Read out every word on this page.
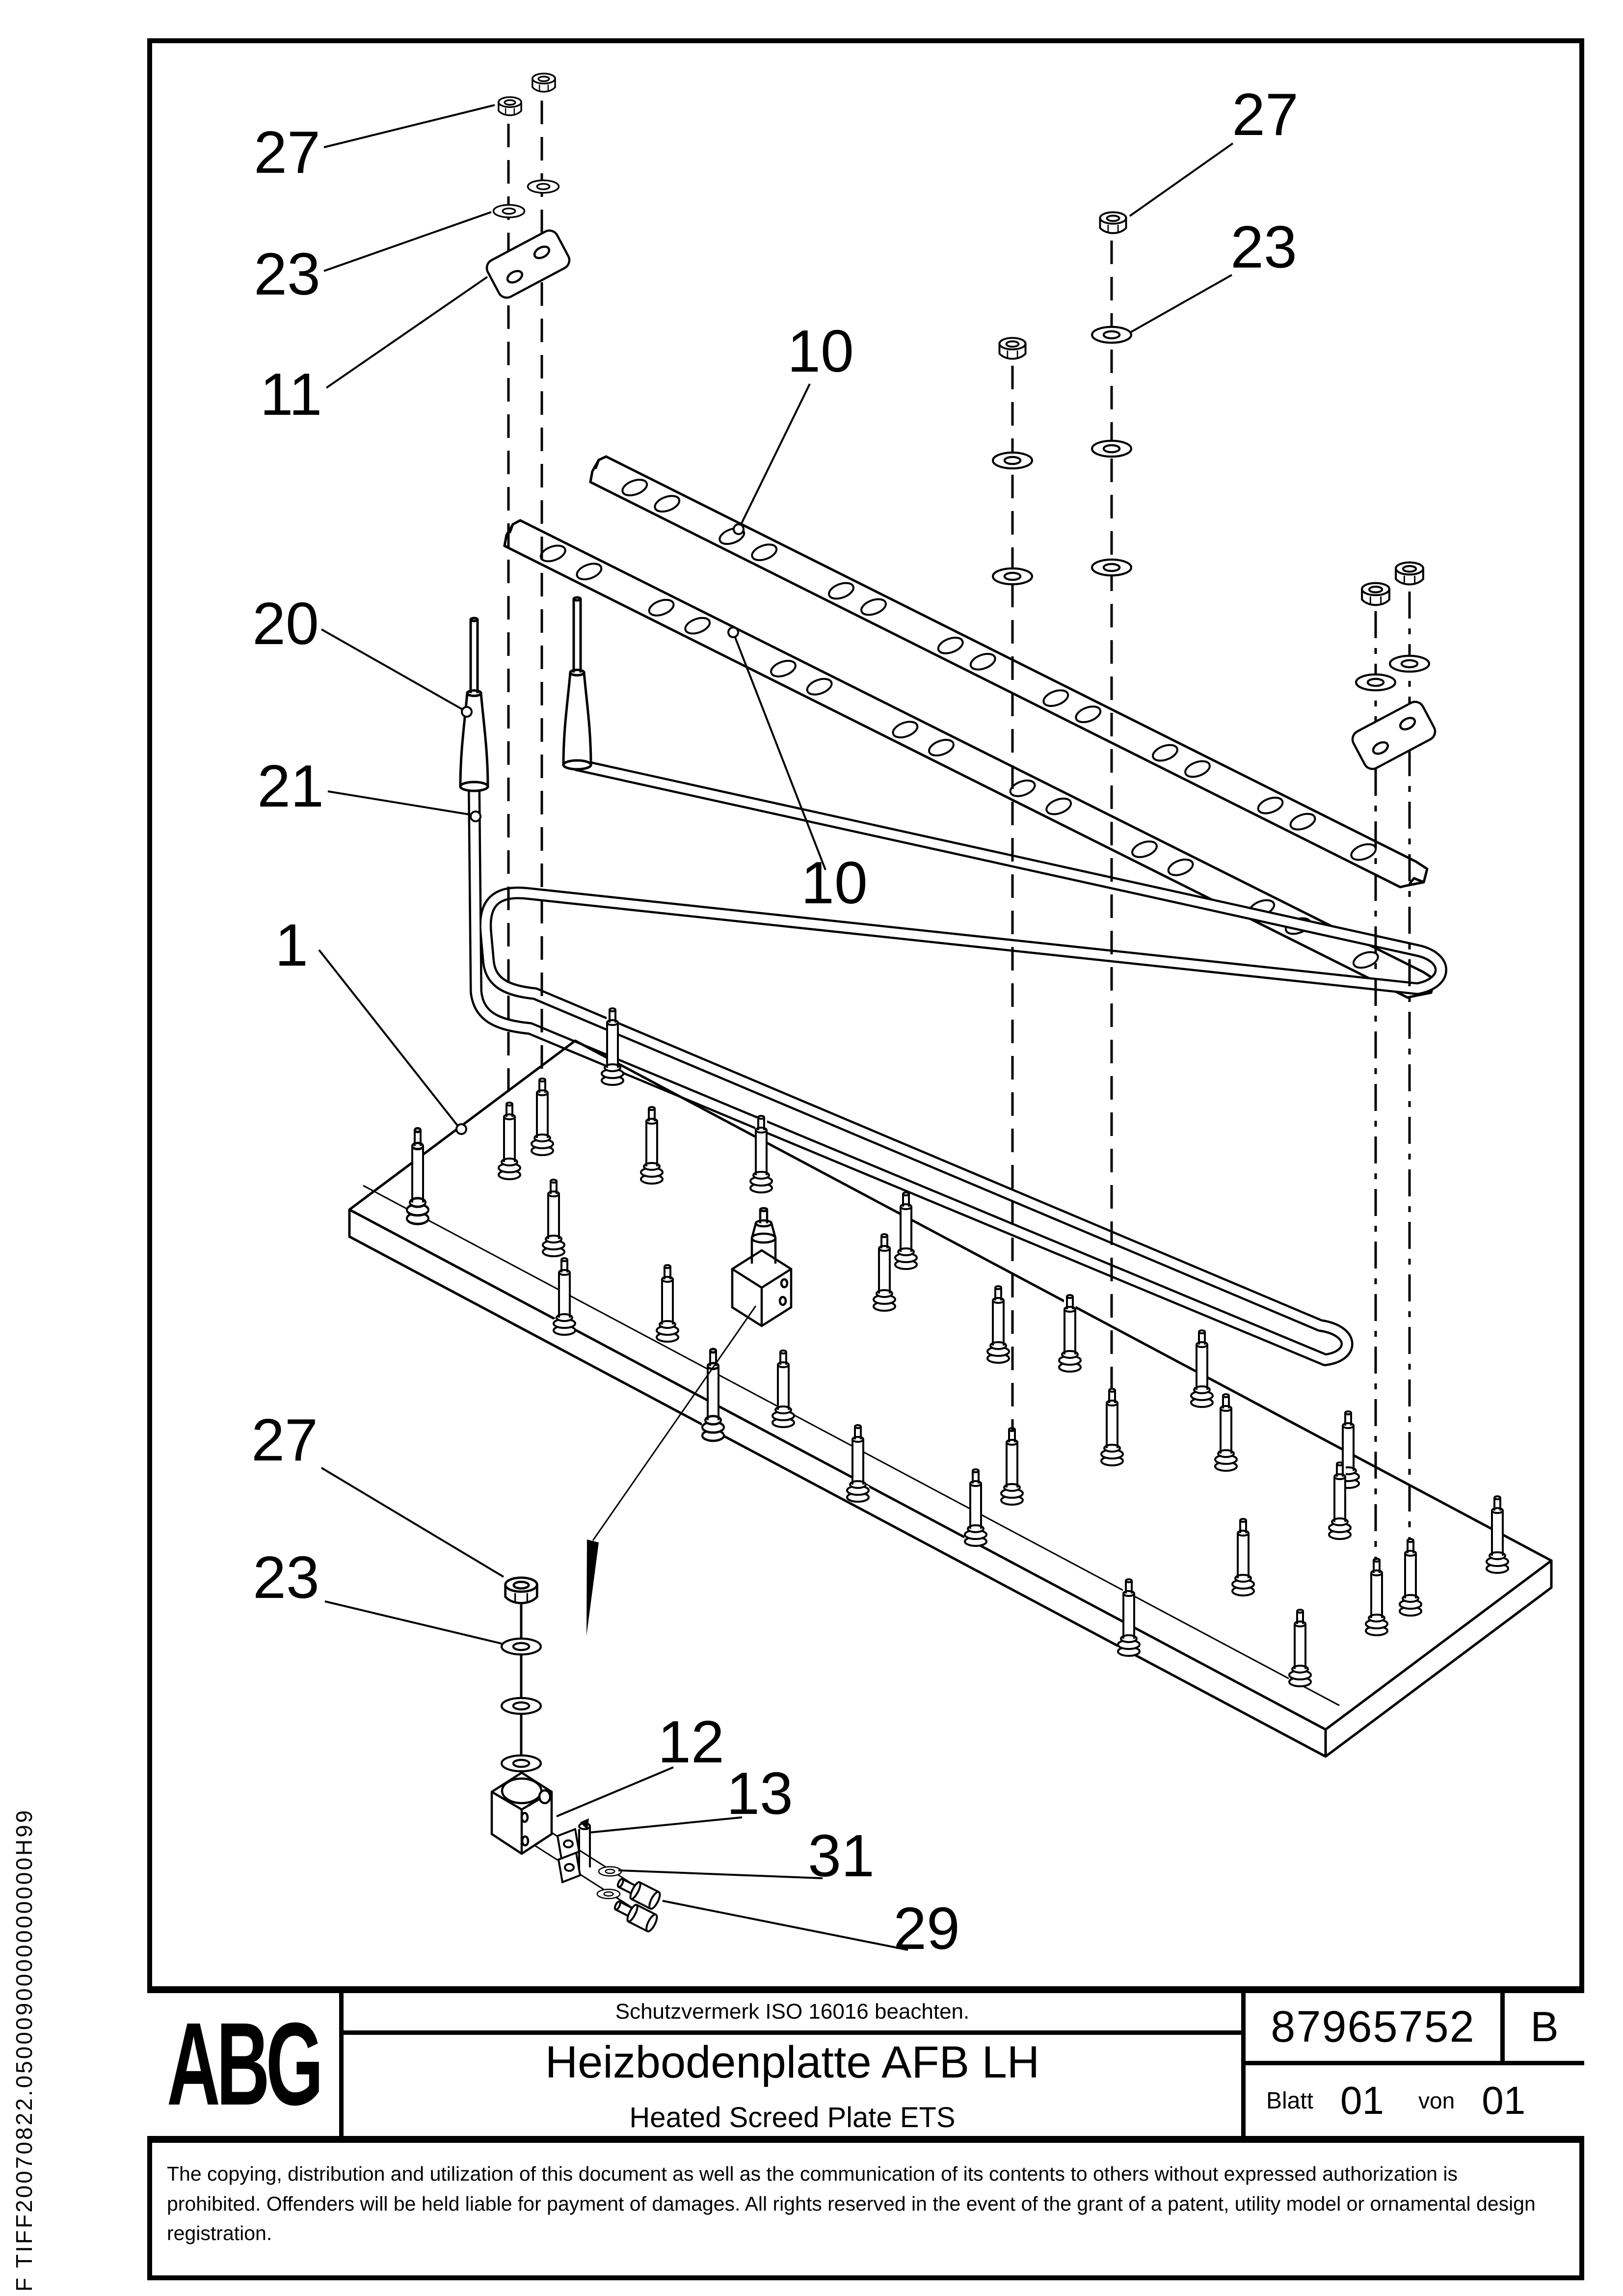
27
23
11
10
20
21
1
10
27
23
27
23
12
13
31
29
ABG	Schutzvermerk ISO 16016 beachten.
Heizbodenplatte AFB LH
Heated Screed Plate ETS
87965752	B
Blatt 01 von 01
The copying, distribution and utilization of this document as well as the communication of its contents to others without expressed authorization is prohibited. Offenders will be held liable for payment of damages. All rights reserved in the event of the grant of a patent, utility model or ornamental design registration.
F TIFF20070822.0500090000000000H99
